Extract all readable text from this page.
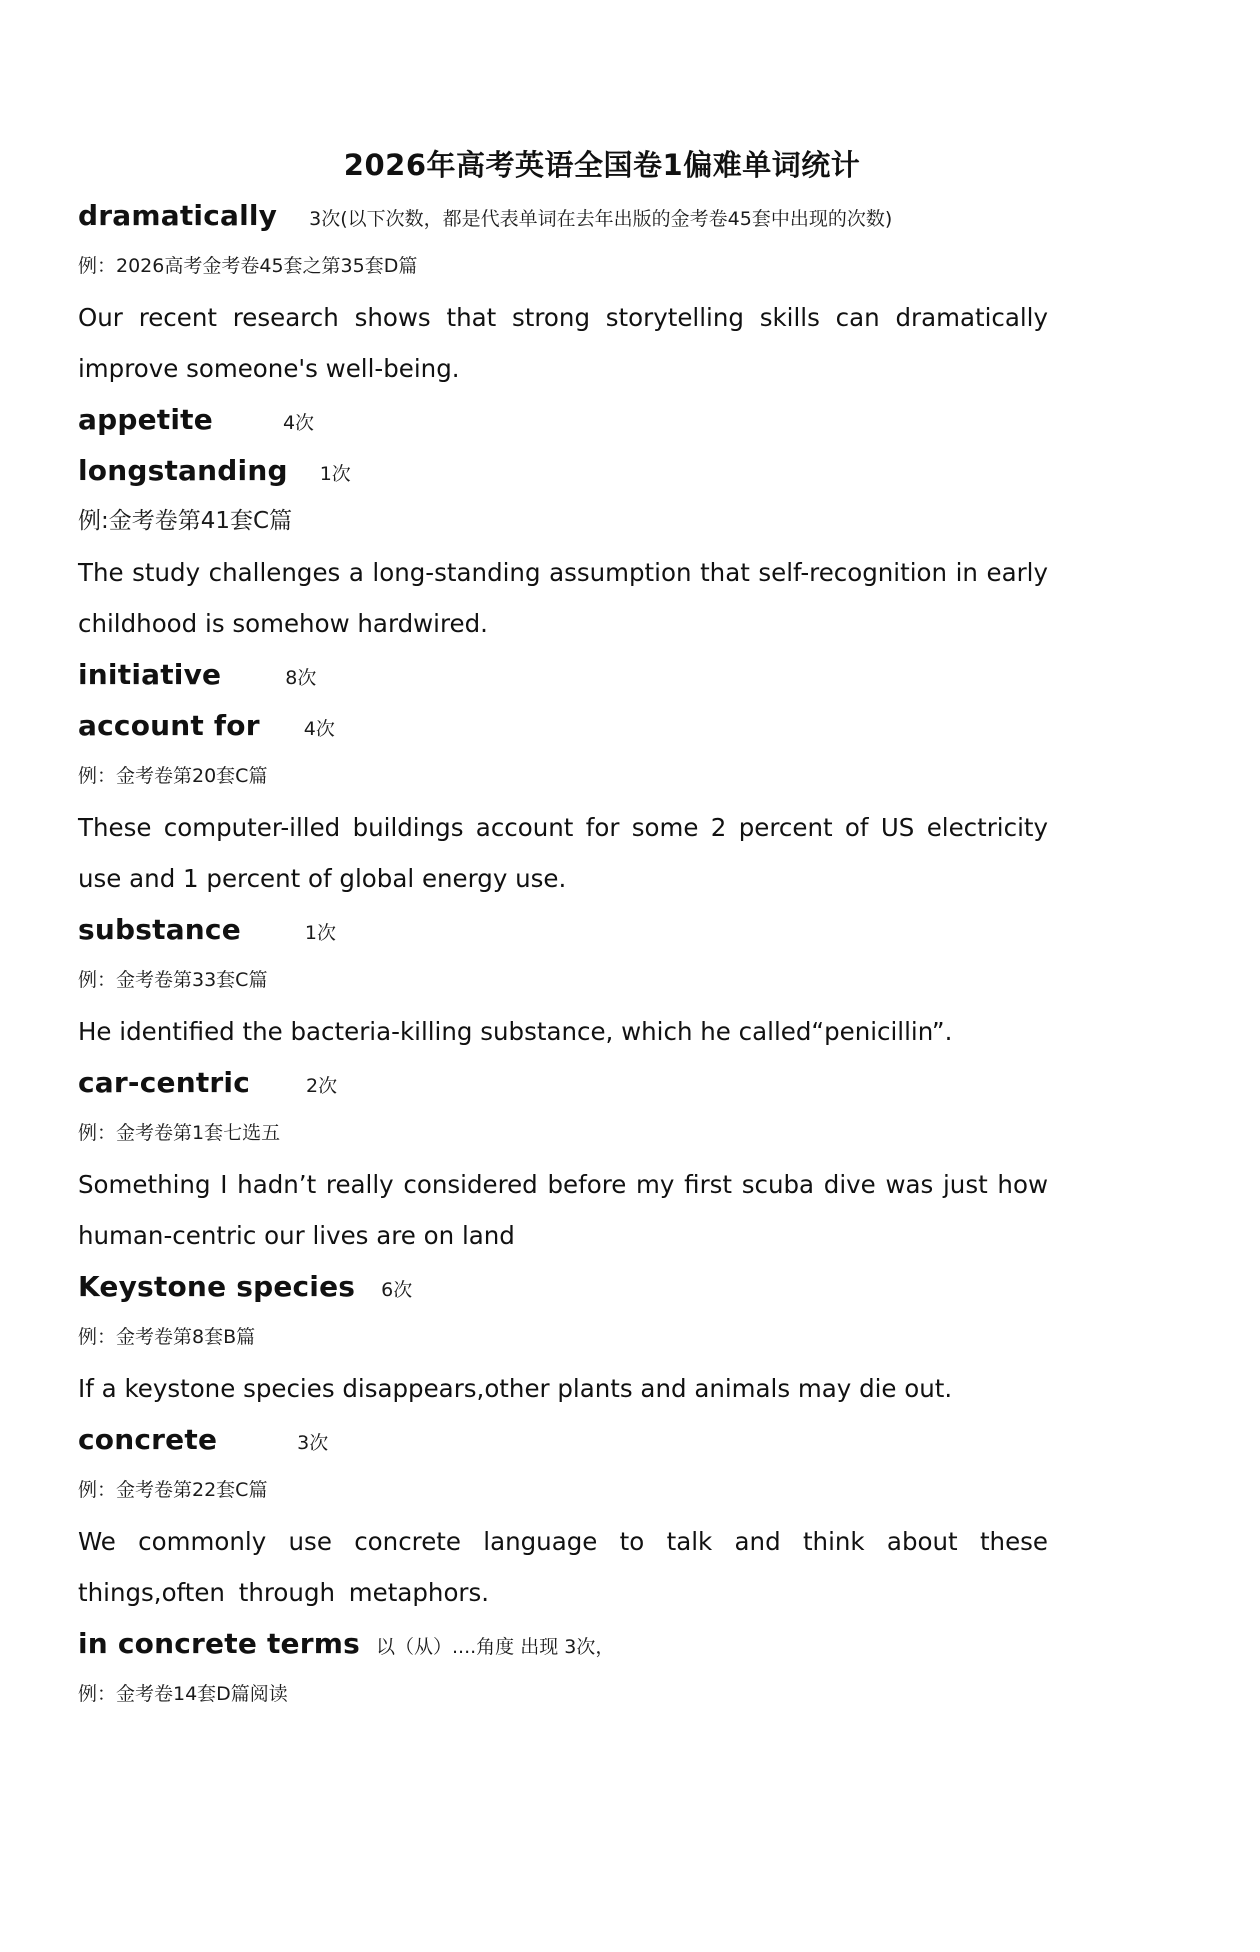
2026年高考英语全国卷1偏难单词统计
dramatically 3次(以下次数，都是代表单词在去年出版的金考卷45套中出现的次数)
例：2026高考金考卷45套之第35套D篇

Our recent research shows that strong storytelling skills can dramatically improve someone's well-being.

appetite	4次
longstanding 1次
例:金考卷第41套C篇

The study challenges a long-standing assumption that self-recognition in early childhood is somehow hardwired.

initiative	8次
account for 4次
例：金考卷第20套C篇

These computer-illed buildings account for some 2 percent of US electricity use and 1 percent of global energy use.

substance	1次
例：金考卷第33套C篇

He identified the bacteria-killing substance, which he called“penicillin”.

car-centric	2次
例：金考卷第1套七选五

Something I hadn’t really considered before my first scuba dive was just how human-centric our lives are on land

Keystone species 6次
例：金考卷第8套B篇

If a keystone species disappears,other plants and animals may die out.

concrete	3次
例：金考卷第22套C篇

We commonly use concrete language to talk and think about these things,often through metaphors.

in concrete terms 以（从）....角度 出现 3次，
例：金考卷14套D篇阅读
